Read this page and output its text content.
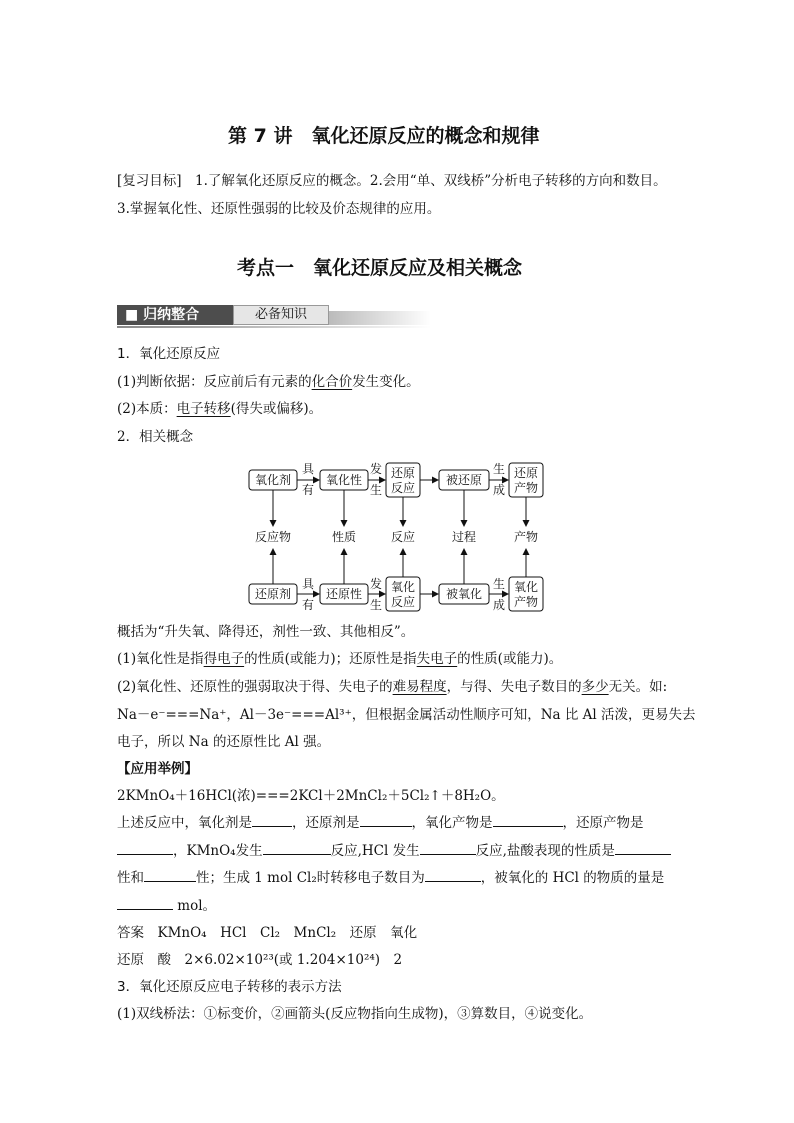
第 7 讲　氧化还原反应的概念和规律
[复习目标]　1.了解氧化还原反应的概念。2.会用“单、双线桥”分析电子转移的方向和数目。
3.掌握氧化性、还原性强弱的比较及价态规律的应用。
考点一　氧化还原反应及相关概念
■ 归纳整合	必备知识
1．氧化还原反应
(1)判断依据：反应前后有元素的化合价发生变化。
(2)本质：电子转移(得失或偏移)。
2．相关概念
氧化剂	氧化性 还原
反应
被还原	还原
产物
具
有
发
生
生
成
反应物	性质	反应	过程	产物
还原剂	还原性 氧化
反应
被氧化	氧化
产物
具
有
发
生
生
成
概括为“升失氧、降得还，剂性一致、其他相反”。
(1)氧化性是指得电子的性质(或能力)；还原性是指失电子的性质(或能力)。
(2)氧化性、还原性的强弱取决于得、失电子的难易程度，与得、失电子数目的多少无关。如:
Na－e⁻===Na⁺，Al－3e⁻===Al³⁺，但根据金属活动性顺序可知，Na 比 Al 活泼，更易失去
电子，所以 Na 的还原性比 Al 强。
【应用举例】
2KMnO₄＋16HCl(浓)===2KCl＋2MnCl₂＋5Cl₂↑＋8H₂O。
上述反应中，氧化剂是	，还原剂是	，氧化产物是	，还原产物是
，KMnO₄发生	反应,HCl 发生	反应,盐酸表现的性质是
性和	性；生成 1 mol Cl₂时转移电子数目为	，被氧化的 HCl 的物质的量是
mol。
答案　KMnO₄　HCl　Cl₂　MnCl₂　还原　氧化
还原　酸　2×6.02×10²³(或 1.204×10²⁴)　2
3．氧化还原反应电子转移的表示方法
(1)双线桥法：①标变价，②画箭头(反应物指向生成物)，③算数目，④说变化。
